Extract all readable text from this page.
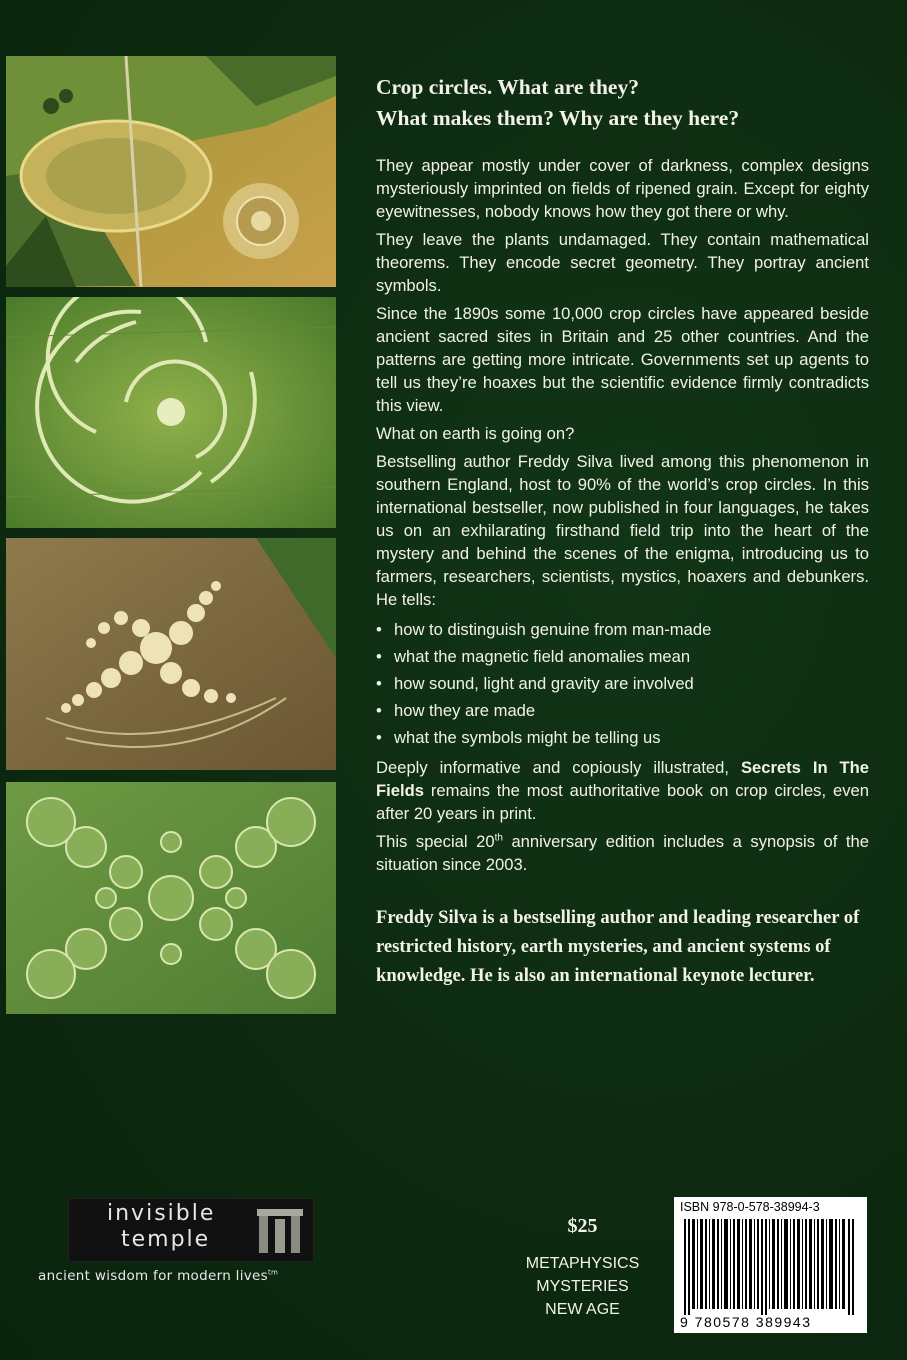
Crop circles. What are they?
What makes them? Why are they here?

They appear mostly under cover of darkness, complex designs mysteriously imprinted on fields of ripened grain. Except for eighty eyewitnesses, nobody knows how they got there or why.

They leave the plants undamaged. They contain mathematical theorems. They encode secret geometry. They portray ancient symbols.

Since the 1890s some 10,000 crop circles have appeared beside ancient sacred sites in Britain and 25 other countries. And the patterns are getting more intricate. Governments set up agents to tell us they’re hoaxes but the scientific evidence firmly contradicts this view.

What on earth is going on?

Bestselling author Freddy Silva lived among this phenomenon in southern England, host to 90% of the world’s crop circles. In this international bestseller, now published in four languages, he takes us on an exhilarating firsthand field trip into the heart of the mystery and behind the scenes of the enigma, introducing us to farmers, researchers, scientists, mystics, hoaxers and debunkers. He tells:

• how to distinguish genuine from man-made
• what the magnetic field anomalies mean
• how sound, light and gravity are involved
• how they are made
• what the symbols might be telling us

Deeply informative and copiously illustrated, Secrets In The Fields remains the most authoritative book on crop circles, even after 20 years in print.

This special 20th anniversary edition includes a synopsis of the situation since 2003.

Freddy Silva is a bestselling author and leading researcher of restricted history, earth mysteries, and ancient systems of knowledge. He is also an international keynote lecturer.
invisible
temple
ancient wisdom for modern lives$^{tm}$
$25
METAPHYSICS
MYSTERIES
NEW AGE
ISBN 978-0-578-38994-3
9 780578 389943
